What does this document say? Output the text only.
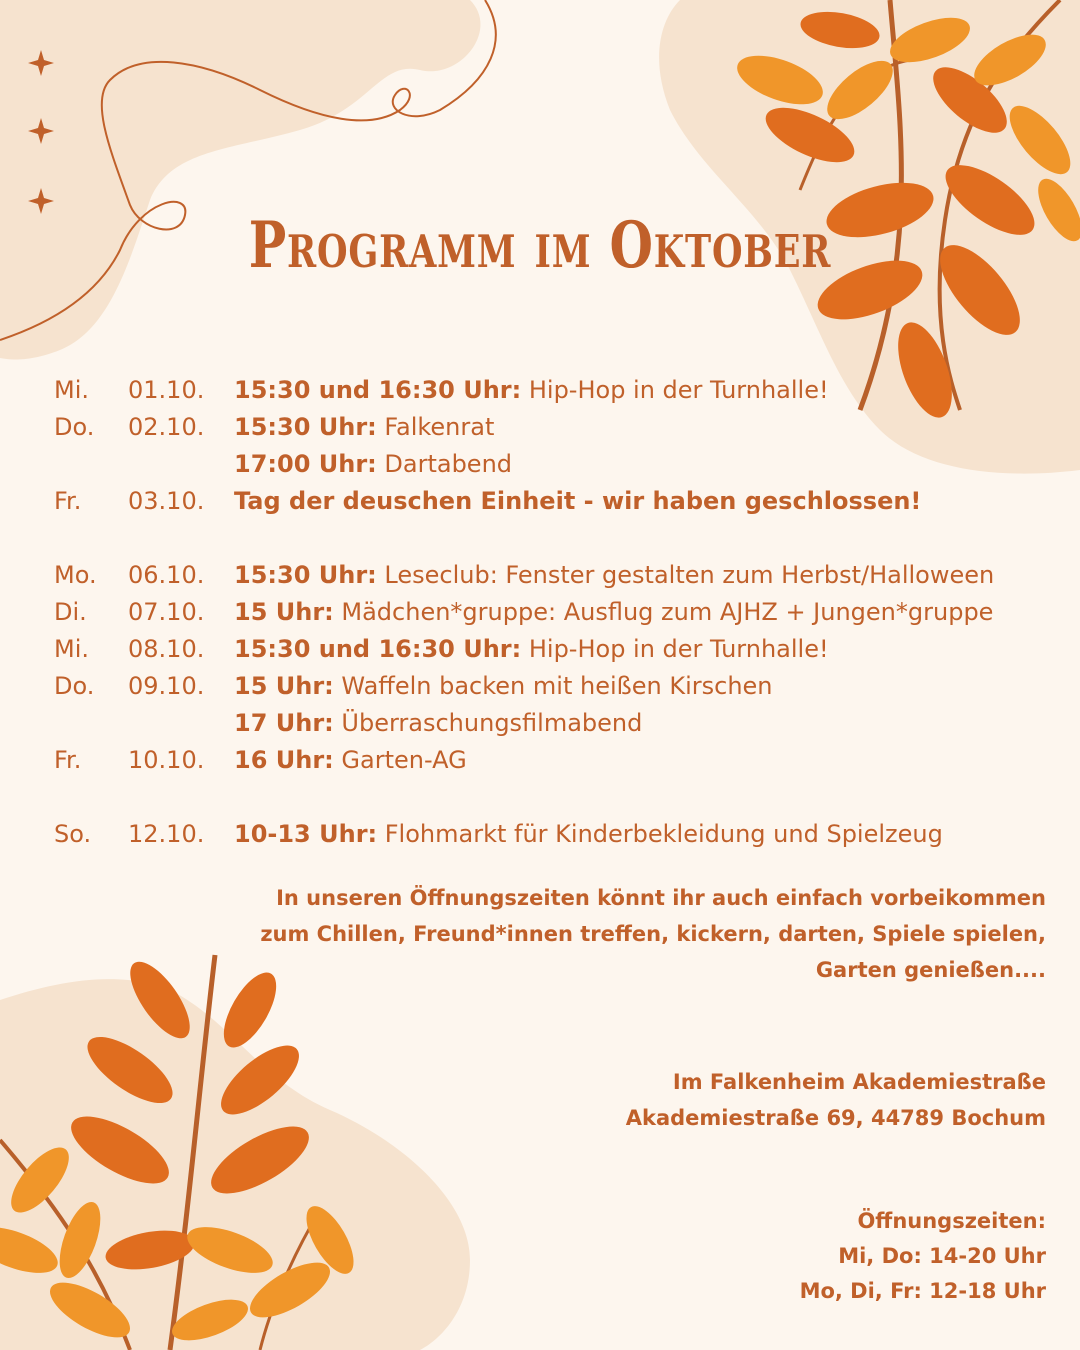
Programm im Oktober
Mi.	01.10.	15:30 und 16:30 Uhr: Hip-Hop in der Turnhalle!
Do.	02.10.	15:30 Uhr: Falkenrat
17:00 Uhr: Dartabend
Fr.	03.10.	Tag der deuschen Einheit - wir haben geschlossen!
Mo.	06.10.	15:30 Uhr: Leseclub: Fenster gestalten zum Herbst/Halloween
Di.	07.10.	15 Uhr: Mädchen*gruppe: Ausflug zum AJHZ + Jungen*gruppe
Mi.	08.10.	15:30 und 16:30 Uhr: Hip-Hop in der Turnhalle!
Do.	09.10.	15 Uhr: Waffeln backen mit heißen Kirschen
17 Uhr: Überraschungsfilmabend
Fr.	10.10.	16 Uhr: Garten-AG
So.	12.10.	10-13 Uhr: Flohmarkt für Kinderbekleidung und Spielzeug
In unseren Öffnungszeiten könnt ihr auch einfach vorbeikommen
zum Chillen, Freund*innen treffen, kickern, darten, Spiele spielen,
Garten genießen....
Im Falkenheim Akademiestraße
Akademiestraße 69, 44789 Bochum
Öffnungszeiten:
Mi, Do: 14-20 Uhr
Mo, Di, Fr: 12-18 Uhr
